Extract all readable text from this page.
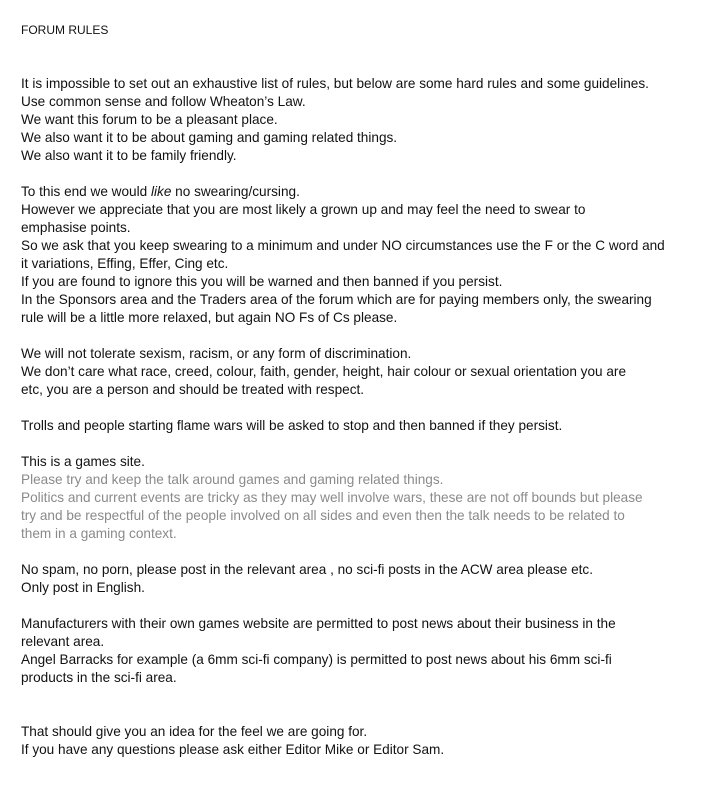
FORUM RULES

It is impossible to set out an exhaustive list of rules, but below are some hard rules and some guidelines.
Use common sense and follow Wheaton’s Law.
We want this forum to be a pleasant place.
We also want it to be about gaming and gaming related things.
We also want it to be family friendly.
To this end we would like no swearing/cursing.
However we appreciate that you are most likely a grown up and may feel the need to swear to
emphasise points.
So we ask that you keep swearing to a minimum and under NO circumstances use the F or the C word and
it variations, Effing, Effer, Cing etc.
If you are found to ignore this you will be warned and then banned if you persist.
In the Sponsors area and the Traders area of the forum which are for paying members only, the swearing
rule will be a little more relaxed, but again NO Fs of Cs please.
We will not tolerate sexism, racism, or any form of discrimination.
We don’t care what race, creed, colour, faith, gender, height, hair colour or sexual orientation you are
etc, you are a person and should be treated with respect.
Trolls and people starting flame wars will be asked to stop and then banned if they persist.
This is a games site.
Please try and keep the talk around games and gaming related things.
Politics and current events are tricky as they may well involve wars, these are not off bounds but please
try and be respectful of the people involved on all sides and even then the talk needs to be related to
them in a gaming context.
No spam, no porn, please post in the relevant area , no sci-fi posts in the ACW area please etc.
Only post in English.
Manufacturers with their own games website are permitted to post news about their business in the
relevant area.
Angel Barracks for example (a 6mm sci-fi company) is permitted to post news about his 6mm sci-fi
products in the sci-fi area.
That should give you an idea for the feel we are going for.
If you have any questions please ask either Editor Mike or Editor Sam.
